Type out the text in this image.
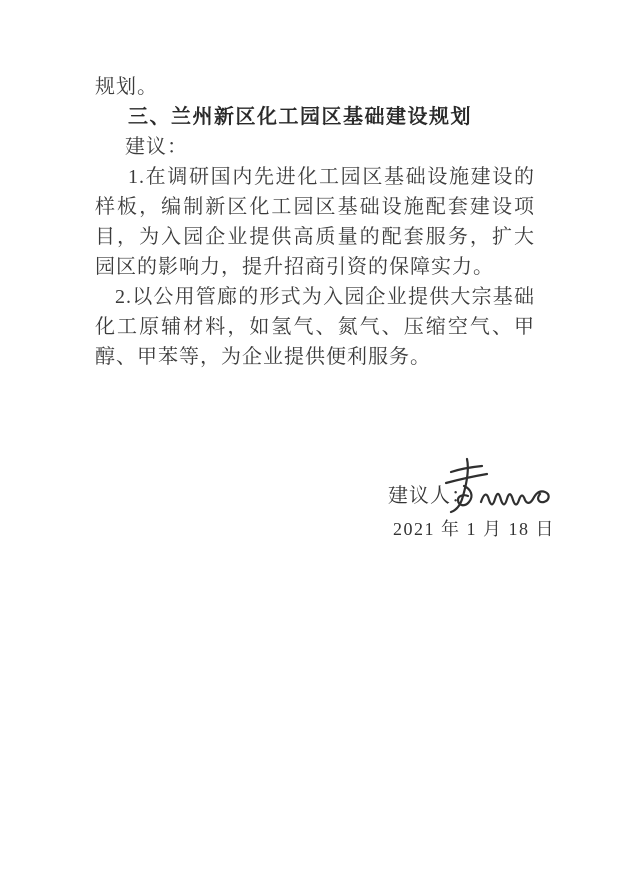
规划。

三、兰州新区化工园区基础建设规划

建议：

1.在调研国内先进化工园区基础设施建设的样板，编制新区化工园区基础设施配套建设项目，为入园企业提供高质量的配套服务，扩大园区的影响力，提升招商引资的保障实力。

2.以公用管廊的形式为入园企业提供大宗基础化工原辅材料，如氢气、氮气、压缩空气、甲醇、甲苯等，为企业提供便利服务。

建议人：
2021 年 1 月 18 日
